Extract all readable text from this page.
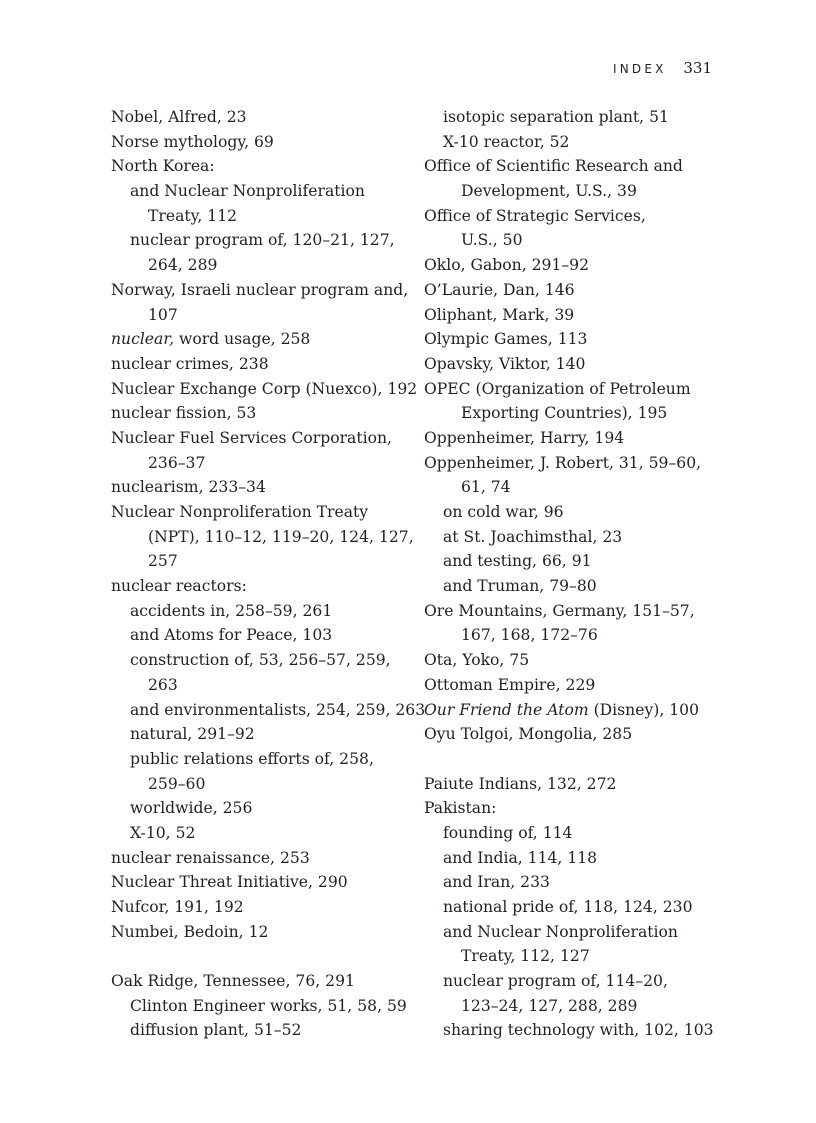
INDEX 331
Nobel, Alfred, 23
Norse mythology, 69
North Korea:
and Nuclear Nonproliferation
Treaty, 112
nuclear program of, 120–21, 127,
264, 289
Norway, Israeli nuclear program and,
107
nuclear, word usage, 258
nuclear crimes, 238
Nuclear Exchange Corp (Nuexco), 192
nuclear fission, 53
Nuclear Fuel Services Corporation,
236–37
nuclearism, 233–34
Nuclear Nonproliferation Treaty
(NPT), 110–12, 119–20, 124, 127,
257
nuclear reactors:
accidents in, 258–59, 261
and Atoms for Peace, 103
construction of, 53, 256–57, 259,
263
and environmentalists, 254, 259, 263
natural, 291–92
public relations efforts of, 258,
259–60
worldwide, 256
X-10, 52
nuclear renaissance, 253
Nuclear Threat Initiative, 290
Nufcor, 191, 192
Numbei, Bedoin, 12
Oak Ridge, Tennessee, 76, 291
Clinton Engineer works, 51, 58, 59
diffusion plant, 51–52
isotopic separation plant, 51
X-10 reactor, 52
Office of Scientific Research and
Development, U.S., 39
Office of Strategic Services,
U.S., 50
Oklo, Gabon, 291–92
O’Laurie, Dan, 146
Oliphant, Mark, 39
Olympic Games, 113
Opavsky, Viktor, 140
OPEC (Organization of Petroleum
Exporting Countries), 195
Oppenheimer, Harry, 194
Oppenheimer, J. Robert, 31, 59–60,
61, 74
on cold war, 96
at St. Joachimsthal, 23
and testing, 66, 91
and Truman, 79–80
Ore Mountains, Germany, 151–57,
167, 168, 172–76
Ota, Yoko, 75
Ottoman Empire, 229
Our Friend the Atom (Disney), 100
Oyu Tolgoi, Mongolia, 285
Paiute Indians, 132, 272
Pakistan:
founding of, 114
and India, 114, 118
and Iran, 233
national pride of, 118, 124, 230
and Nuclear Nonproliferation
Treaty, 112, 127
nuclear program of, 114–20,
123–24, 127, 288, 289
sharing technology with, 102, 103
